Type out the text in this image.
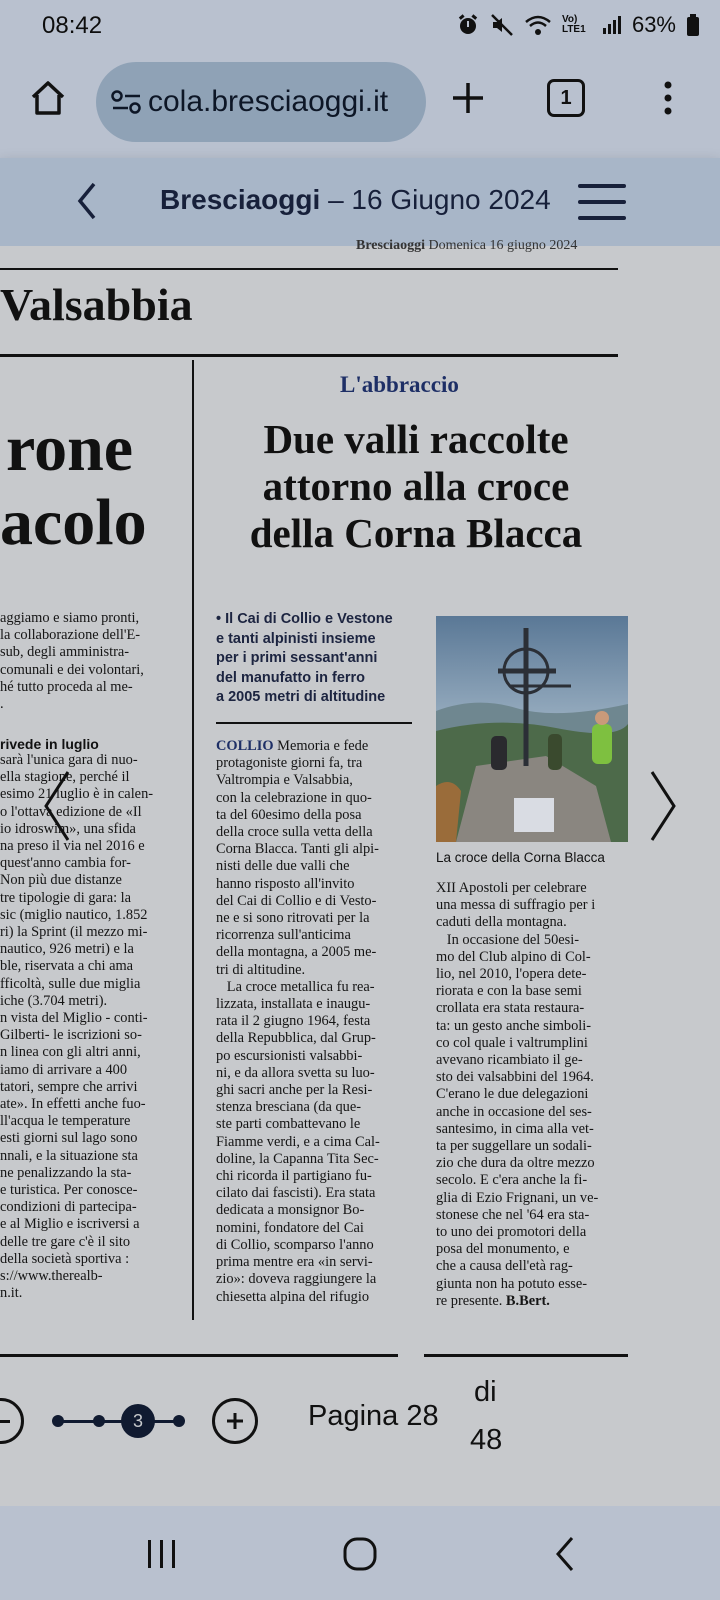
08:42	Vo) LTE1 63%
cola.bresciaoggi.it	1
Bresciaoggi – 16 Giugno 2024
Bresciaoggi Domenica 16 giugno 2024
Valsabbia
rone
acolo
aggiamo e siamo pronti,
la collaborazione dell'E-
sub, degli amministra-
comunali e dei volontari,
hé tutto proceda al me-
.
rivede in luglio
sarà l'unica gara di nuo-
ella stagione, perché il
esimo 21 luglio è in calen-
o l'ottava edizione de «Il
io idroswim», una sfida
na preso il via nel 2016 e
quest'anno cambia for-
Non più due distanze
tre tipologie di gara: la
sic (miglio nautico, 1.852
ri) la Sprint (il mezzo mi-
nautico, 926 metri) e la
ble, riservata a chi ama
fficoltà, sulle due miglia
iche (3.704 metri).
n vista del Miglio - conti-
Gilberti- le iscrizioni so-
n linea con gli altri anni,
iamo di arrivare a 400
tatori, sempre che arrivi
ate». In effetti anche fuo-
ll'acqua le temperature
esti giorni sul lago sono
nnali, e la situazione sta
ne penalizzando la sta-
e turistica. Per conosce-
condizioni di partecipa-
e al Miglio e iscriversi a
delle tre gare c'è il sito
della società sportiva :
s://www.therealb-
n.it.
L'abbraccio
Due valli raccolte
attorno alla croce
della Corna Blacca
• Il Cai di Collio e Vestone
e tanti alpinisti insieme
per i primi sessant'anni
del manufatto in ferro
a 2005 metri di altitudine
La croce della Corna Blacca
COLLIO Memoria e fede
protagoniste giorni fa, tra
Valtrompia e Valsabbia,
con la celebrazione in quo-
ta del 60esimo della posa
della croce sulla vetta della
Corna Blacca. Tanti gli alpi-
nisti delle due valli che
hanno risposto all'invito
del Cai di Collio e di Vesto-
ne e si sono ritrovati per la
ricorrenza sull'anticima
della montagna, a 2005 me-
tri di altitudine.
La croce metallica fu rea-
lizzata, installata e inaugu-
rata il 2 giugno 1964, festa
della Repubblica, dal Grup-
po escursionisti valsabbi-
ni, e da allora svetta su luo-
ghi sacri anche per la Resi-
stenza bresciana (da que-
ste parti combattevano le
Fiamme verdi, e a cima Cal-
doline, la Capanna Tita Sec-
chi ricorda il partigiano fu-
cilato dai fascisti). Era stata
dedicata a monsignor Bo-
nomini, fondatore del Cai
di Collio, scomparso l'anno
prima mentre era «in servi-
zio»: doveva raggiungere la
chiesetta alpina del rifugio
XII Apostoli per celebrare
una messa di suffragio per i
caduti della montagna.
In occasione del 50esi-
mo del Club alpino di Col-
lio, nel 2010, l'opera dete-
riorata e con la base semi
crollata era stata restaura-
ta: un gesto anche simboli-
co col quale i valtrumplini
avevano ricambiato il ge-
sto dei valsabbini del 1964.
C'erano le due delegazioni
anche in occasione del ses-
santesimo, in cima alla vet-
ta per suggellare un sodali-
zio che dura da oltre mezzo
secolo. E c'era anche la fi-
glia di Ezio Frignani, un ve-
stonese che nel '64 era sta-
to uno dei promotori della
posa del monumento, e
che a causa dell'età rag-
giunta non ha potuto esse-
re presente. B.Bert.
3	Pagina 28
di
48
